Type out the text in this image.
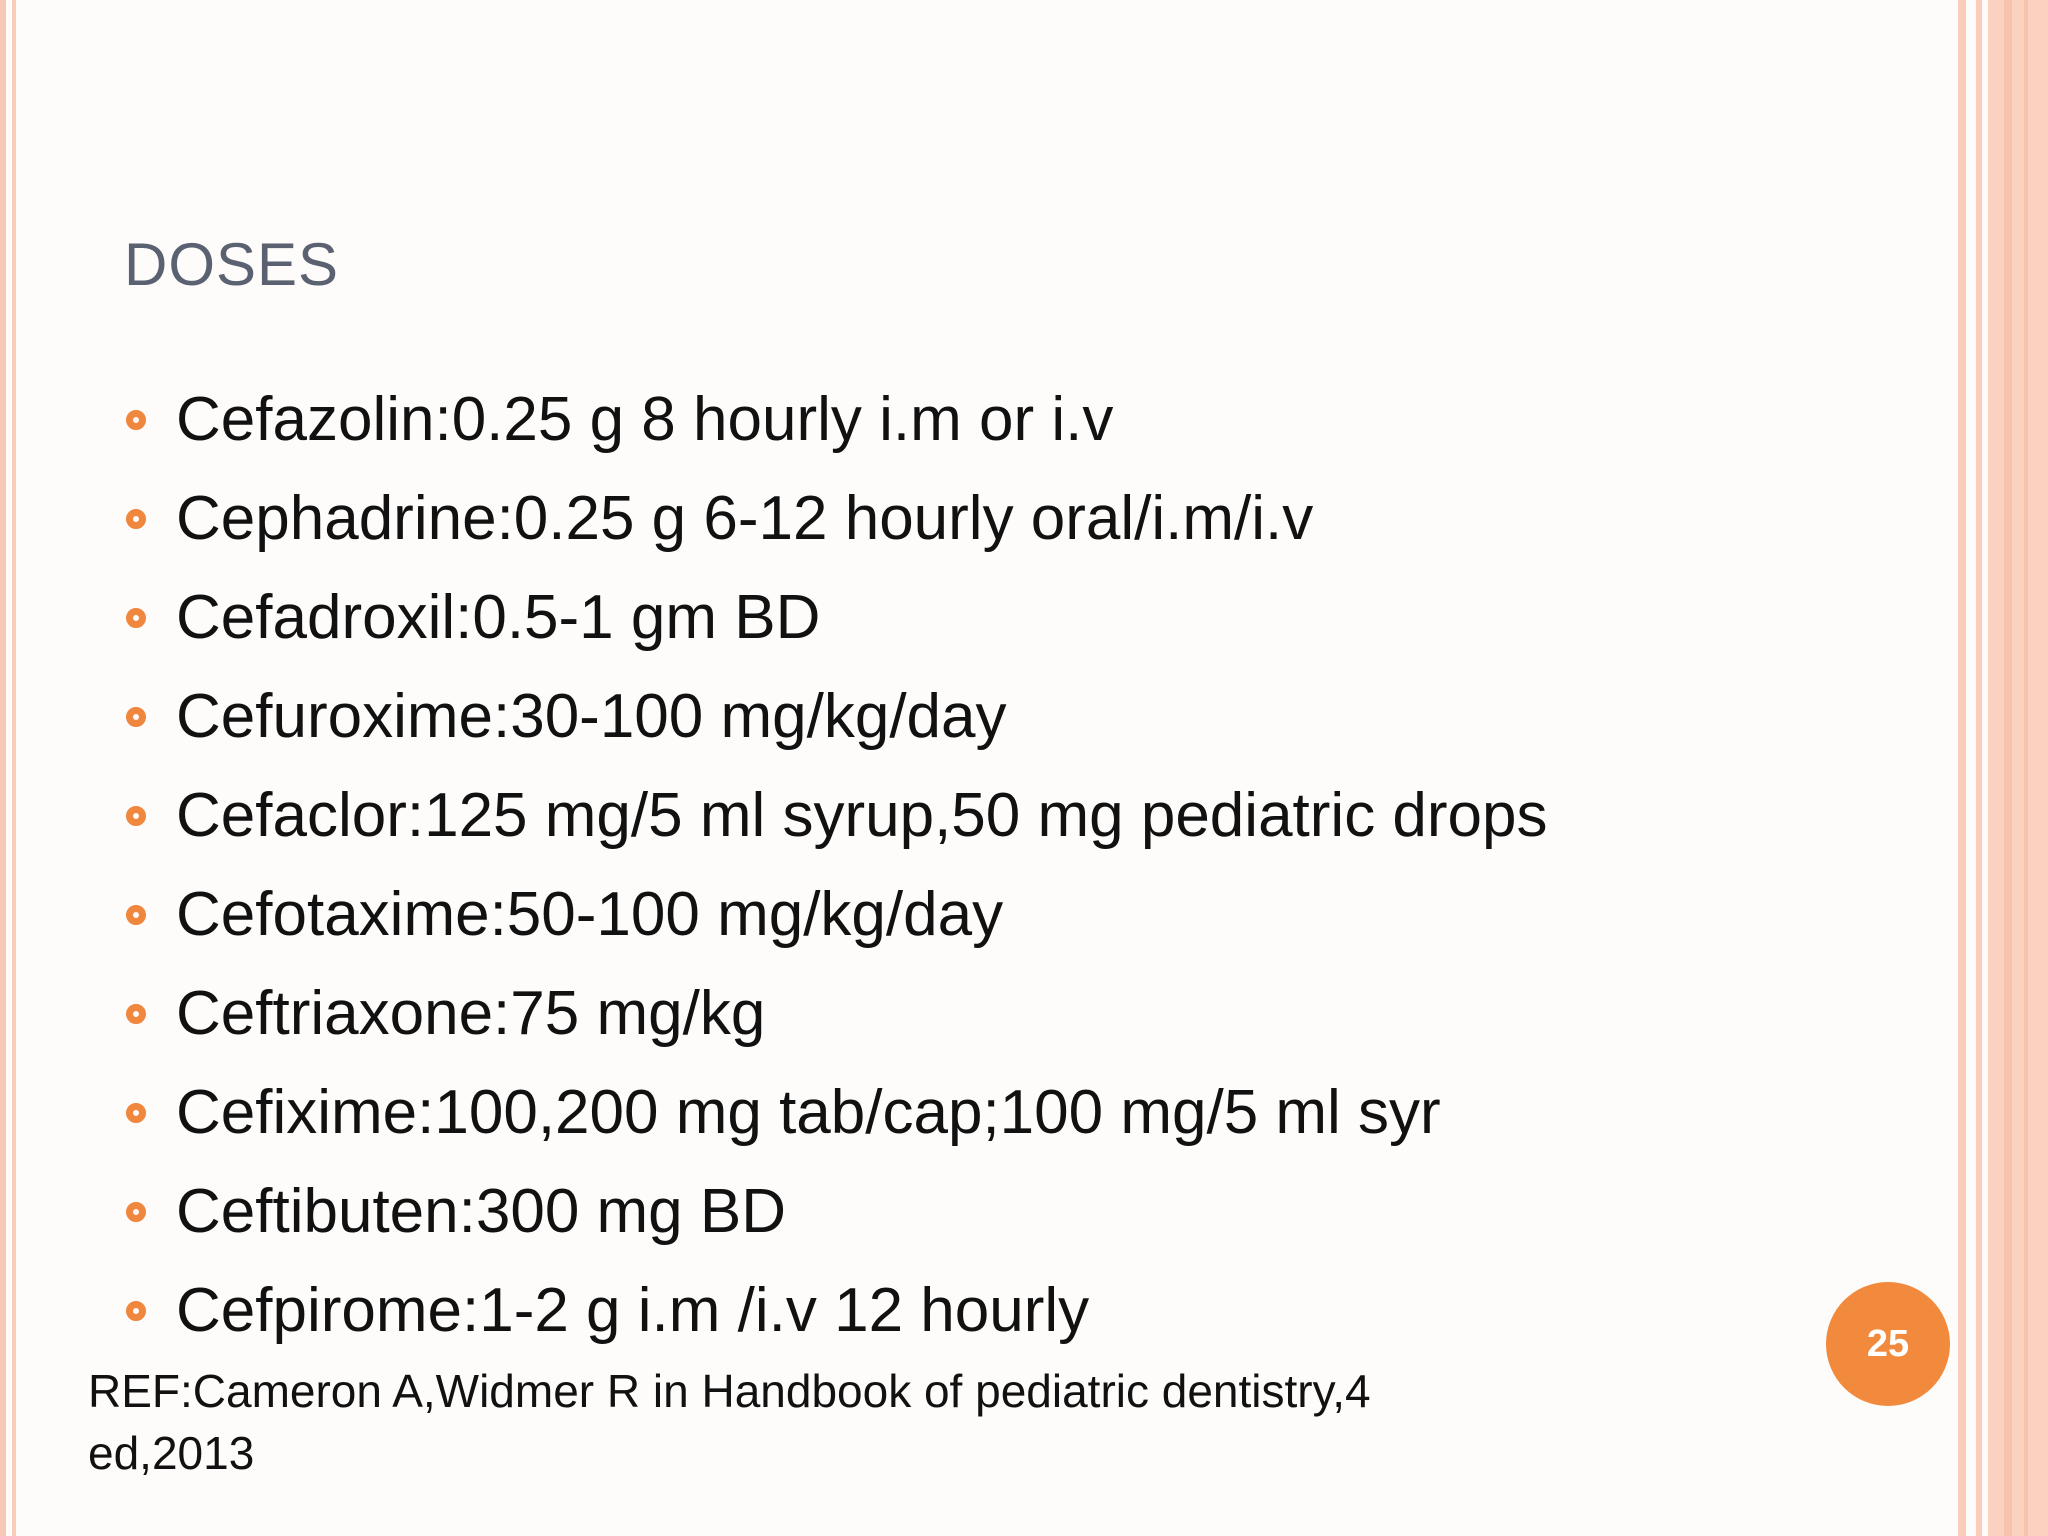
DOSES
Cefazolin:0.25 g 8 hourly i.m or i.v
Cephadrine:0.25 g 6-12 hourly oral/i.m/i.v
Cefadroxil:0.5-1 gm BD
Cefuroxime:30-100 mg/kg/day
Cefaclor:125 mg/5 ml syrup,50 mg pediatric drops
Cefotaxime:50-100 mg/kg/day
Ceftriaxone:75 mg/kg
Cefixime:100,200 mg tab/cap;100 mg/5 ml syr
Ceftibuten:300 mg BD
Cefpirome:1-2 g i.m /i.v 12 hourly
REF:Cameron A,Widmer R in Handbook of pediatric dentistry,4
ed,2013
25
